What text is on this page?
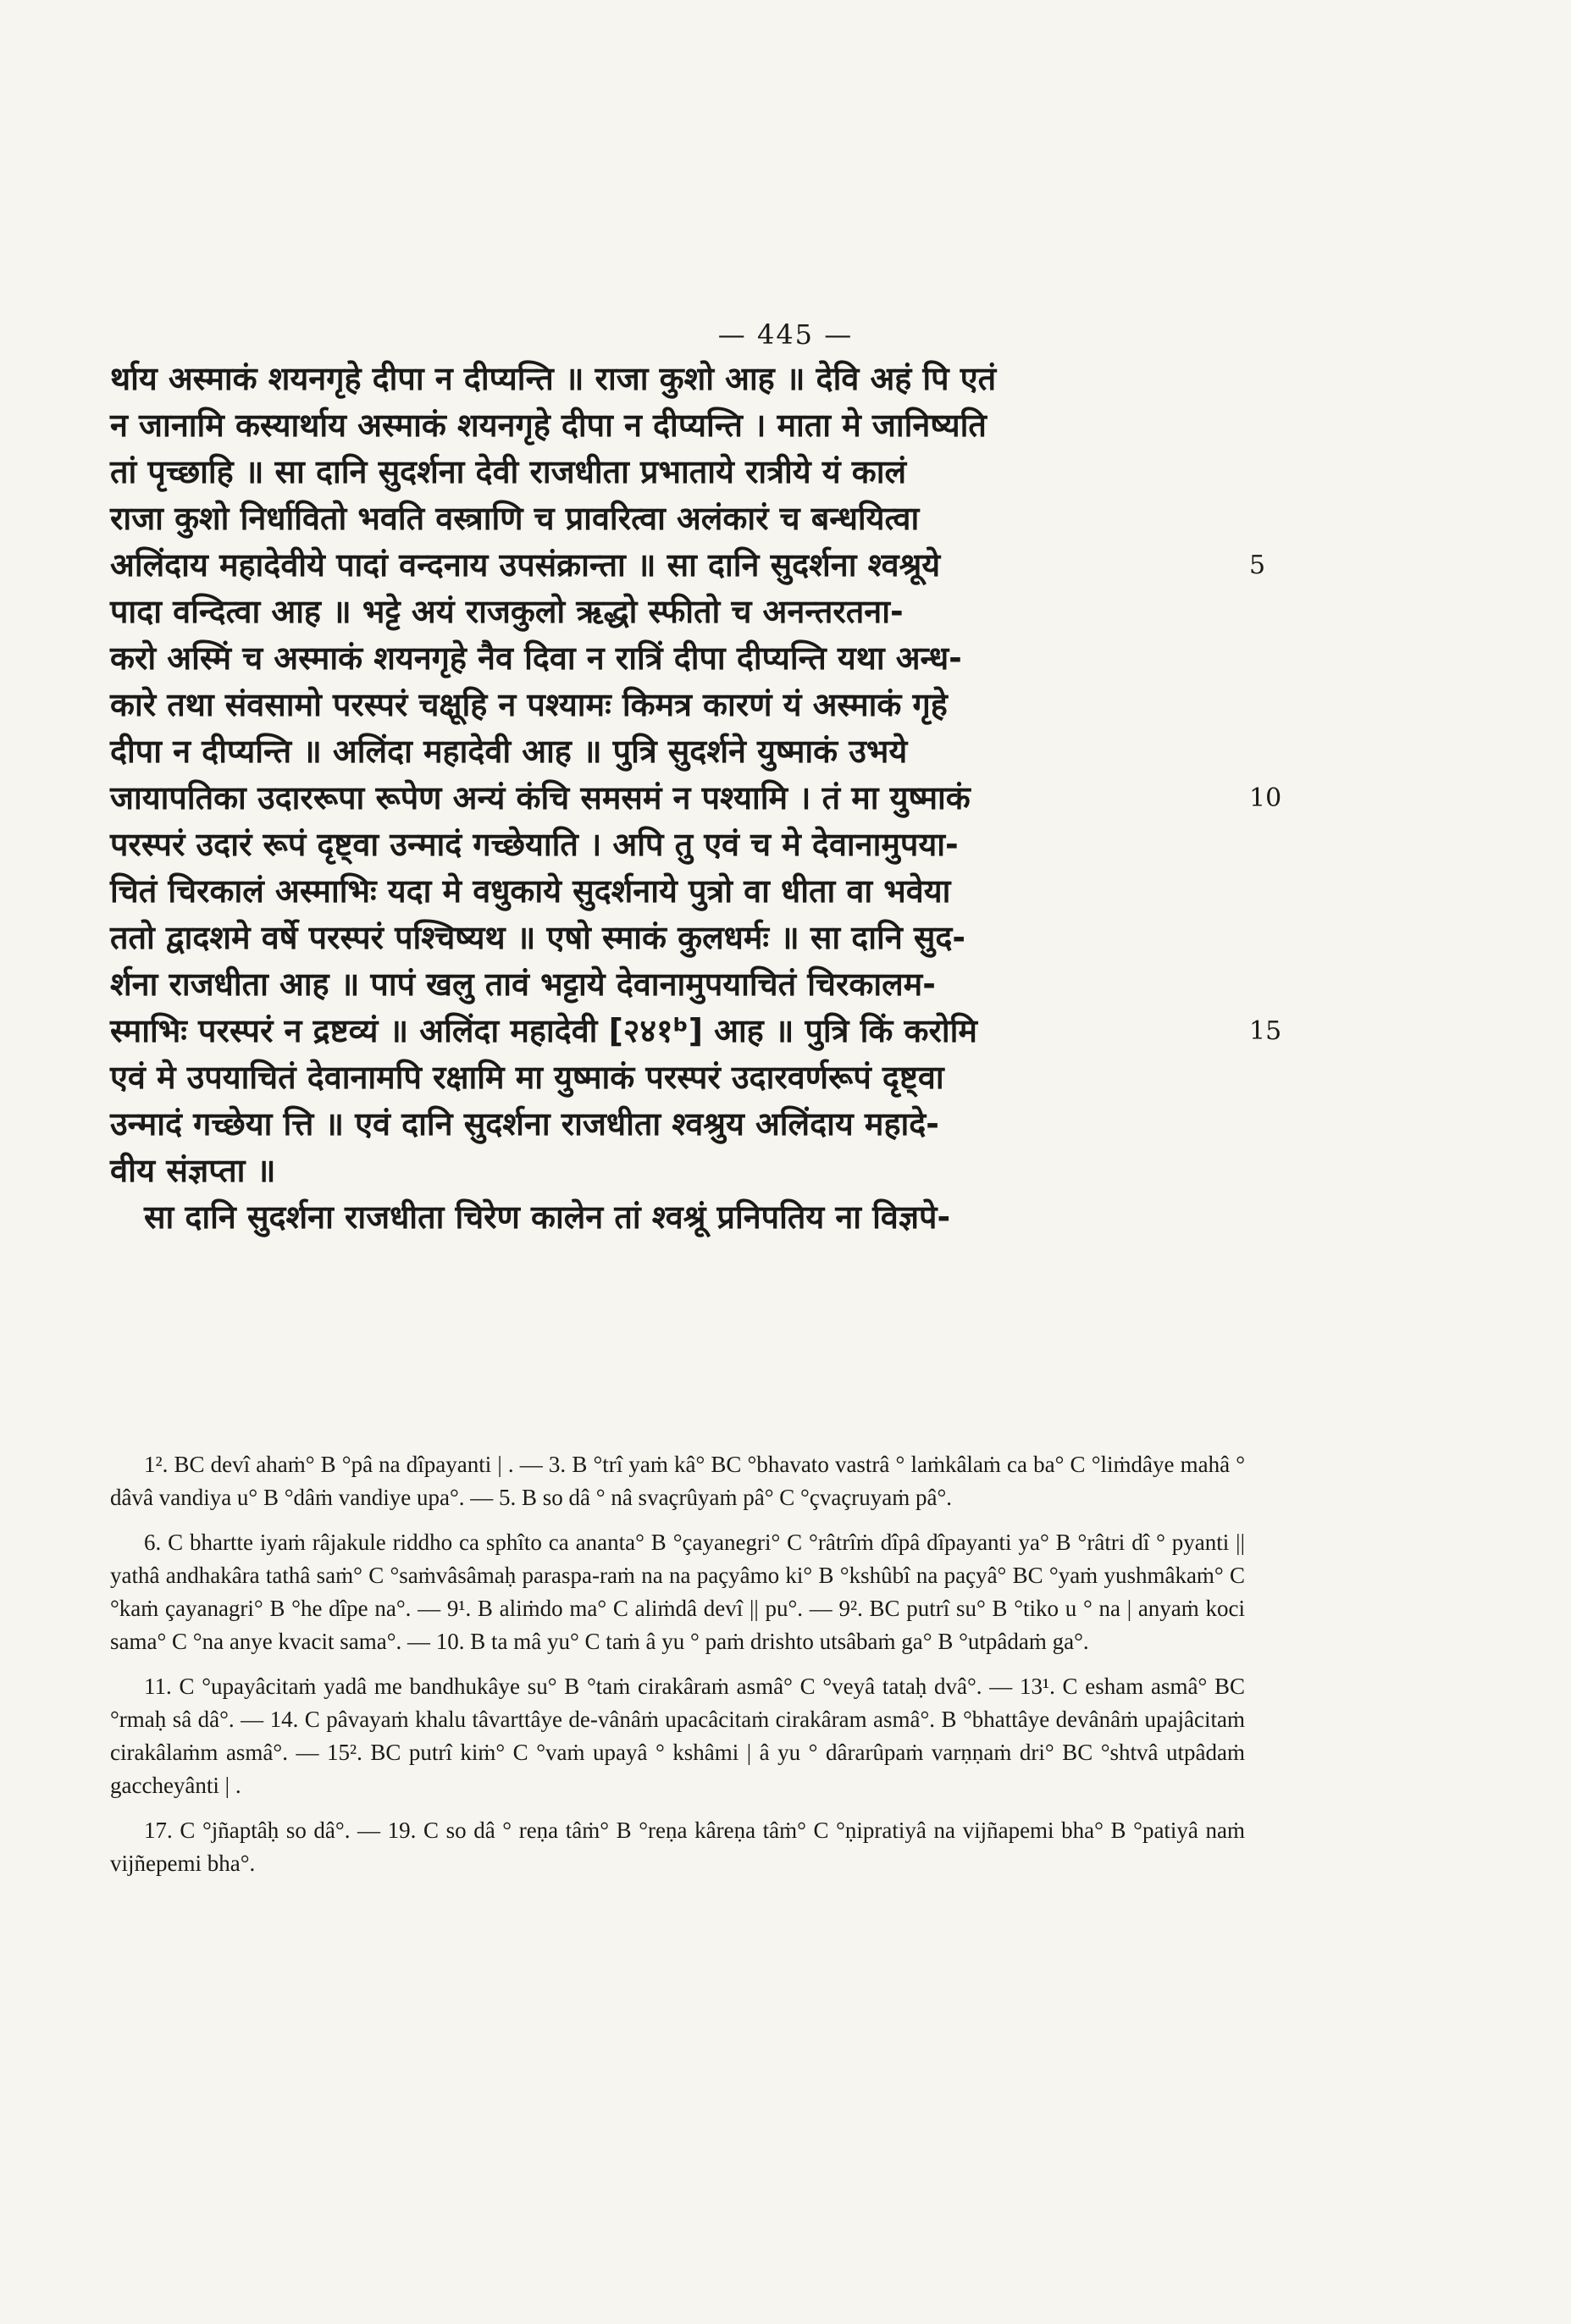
— 445 —
र्थाय अस्माकं शयनगृहे दीपा न दीप्यन्ति ॥ राजा कुशो आह ॥ देवि अहं पि एतं
न जानामि कस्यार्थाय अस्माकं शयनगृहे दीपा न दीप्यन्ति । माता मे जानिष्यति
तां पृच्छाहि ॥ सा दानि सुदर्शना देवी राजधीता प्रभाताये रात्रीये यं कालं
राजा कुशो निर्धावितो भवति वस्त्राणि च प्रावरित्वा अलंकारं च बन्धयित्वा
अलिंदाय महादेवीये पादां वन्दनाय उपसंक्रान्ता ॥ सा दानि सुदर्शना श्वश्रूये	5
पादा वन्दित्वा आह ॥ भट्टे अयं राजकुलो ऋद्धो स्फीतो च अनन्तरतना-
करो अस्मिं च अस्माकं शयनगृहे नैव दिवा न रात्रिं दीपा दीप्यन्ति यथा अन्ध-
कारे तथा संवसामो परस्परं चक्षूहि न पश्यामः किमत्र कारणं यं अस्माकं गृहे
दीपा न दीप्यन्ति ॥ अलिंदा महादेवी आह ॥ पुत्रि सुदर्शने युष्माकं उभये
जायापतिका उदाररूपा रूपेण अन्यं कंचि समसमं न पश्यामि । तं मा युष्माकं	10
परस्परं उदारं रूपं दृष्ट्वा उन्मादं गच्छेयाति । अपि तु एवं च मे देवानामुपया-
चितं चिरकालं अस्माभिः यदा मे वधुकाये सुदर्शनाये पुत्रो वा धीता वा भवेया
ततो द्वादशमे वर्षे परस्परं पश्चिष्यथ ॥ एषो स्माकं कुलधर्मः ॥ सा दानि सुद-
र्शना राजधीता आह ॥ पापं खलु तावं भट्टाये देवानामुपयाचितं चिरकालम-
स्माभिः परस्परं न द्रष्टव्यं ॥ अलिंदा महादेवी [२४१ᵇ] आह ॥ पुत्रि किं करोमि	15
एवं मे उपयाचितं देवानामपि रक्षामि मा युष्माकं परस्परं उदारवर्णरूपं दृष्ट्वा
उन्मादं गच्छेया त्ति ॥ एवं दानि सुदर्शना राजधीता श्वश्रुय अलिंदाय महादे-
वीय संज्ञप्ता ॥
सा दानि सुदर्शना राजधीता चिरेण कालेन तां श्वश्रूं प्रनिपतिय ना विज्ञपे-
1². BC devî ahaṁ° B °pâ na dîpayanti | . — 3. B °trî yaṁ kâ° BC °bhavato vastrâ ° laṁkâlaṁ ca ba° C °liṁdâye mahâ ° dâvâ vandiya u° B °dâṁ vandiye upa°. — 5. B so dâ ° nâ svaçrûyaṁ pâ° C °çvaçruyaṁ pâ°.
6. C bhartte iyaṁ râjakule riddho ca sphîto ca ananta° B °çayanegri° C °râtrîṁ dîpâ dîpayanti ya° B °râtri dî ° pyanti || yathâ andhakâra tathâ saṁ° C °saṁvâsâmaḥ paraspa-raṁ na na paçyâmo ki° B °kshûbî na paçyâ° BC °yaṁ yushmâkaṁ° C °kaṁ çayanagri° B °he dîpe na°. — 9¹. B aliṁdo ma° C aliṁdâ devî || pu°. — 9². BC putrî su° B °tiko u ° na | anyaṁ koci sama° C °na anye kvacit sama°. — 10. B ta mâ yu° C taṁ â yu ° paṁ drishto utsâbaṁ ga° B °utpâdaṁ ga°.
11. C °upayâcitaṁ yadâ me bandhukâye su° B °taṁ cirakâraṁ asmâ° C °veyâ tataḥ dvâ°. — 13¹. C esham asmâ° BC °rmaḥ sâ dâ°. — 14. C pâvayaṁ khalu tâvarttâye de-vânâṁ upacâcitaṁ cirakâram asmâ°. B °bhattâye devânâṁ upajâcitaṁ cirakâlaṁm asmâ°. — 15². BC putrî kiṁ° C °vaṁ upayâ ° kshâmi | â yu ° dârarûpaṁ varṇṇaṁ dri° BC °shtvâ utpâdaṁ gaccheyânti | .
17. C °jñaptâḥ so dâ°. — 19. C so dâ ° reṇa tâṁ° B °reṇa kâreṇa tâṁ° C °ṇipratiyâ na vijñapemi bha° B °patiyâ naṁ vijñepemi bha°.
